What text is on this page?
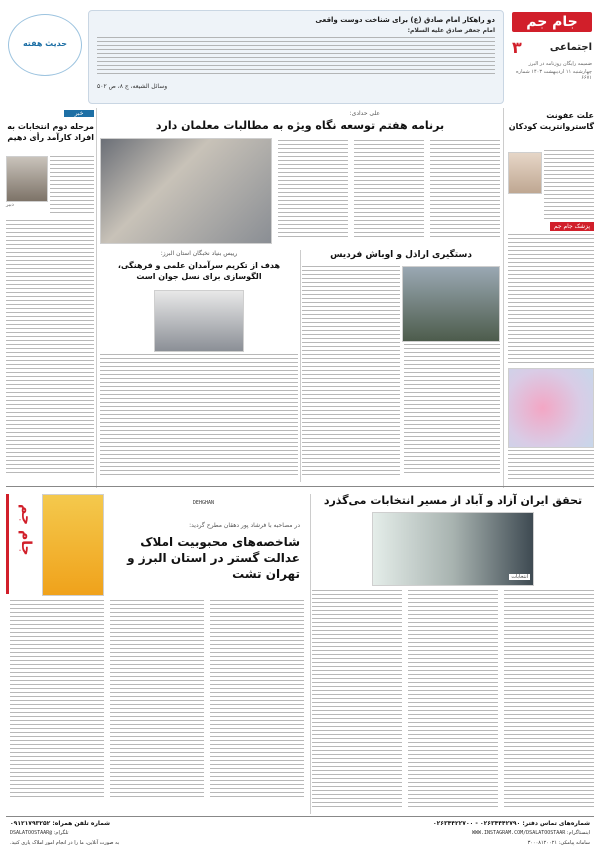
جام جم
اجتماعی
۳
ضمیمه رایگان روزنامه در البرز
چهارشنبه ۱۱ اردیبهشت ۱۴۰۳ شماره ۶۶۷۱
دو راهکار امام صادق (ع) برای شناخت دوست واقعی
امام جعفر صادق علیه السلام:
وسائل الشیعه، ج ۸، ص ۵۰۲
حدیث هفته
علت عفونت گاستروانتریت کودکان
پزشک جام جم
علی حدادی:
برنامه هفتم توسعه نگاه ویژه به مطالبات معلمان دارد
خبر
مرحله دوم انتخابات به افراد کارآمد رأی دهیم
دبیر
رییس بنیاد نخبگان استان البرز:
هدف از تکریم سرآمدان علمی و فرهنگی، الگوسازی برای نسل جوان است
دستگیری اراذل و اوباش فردیس
تحقق ایران آزاد و آباد از مسیر انتخابات می‌گذرد
انتخابات
جام جم
DEHGHAN
در مصاحبه با فرشاد پور دهقان مطرح گردید:
شاخصه‌های محبوبیت املاک عدالت گستر در استان البرز و تهران تشت
شماره‌های تماس دفتر: ۰۲۶۳۴۴۴۲۷۹۰ - ۰۲۶۳۴۴۲۲۷۰۰
شماره تلفن همراه: ۰۹۱۲۱۷۹۳۲۵۲
اینستاگرام: WWW.INSTAGRAM.COM/DSALATOOSTAAR
تلگرام: @DSALATOOSTAAR
سامانه پیامکی: ۳۰۰۰۸۱۲۰۰۲۱
به صورت آنلاین، ما را در انجام امور املاک یاری کنید.
